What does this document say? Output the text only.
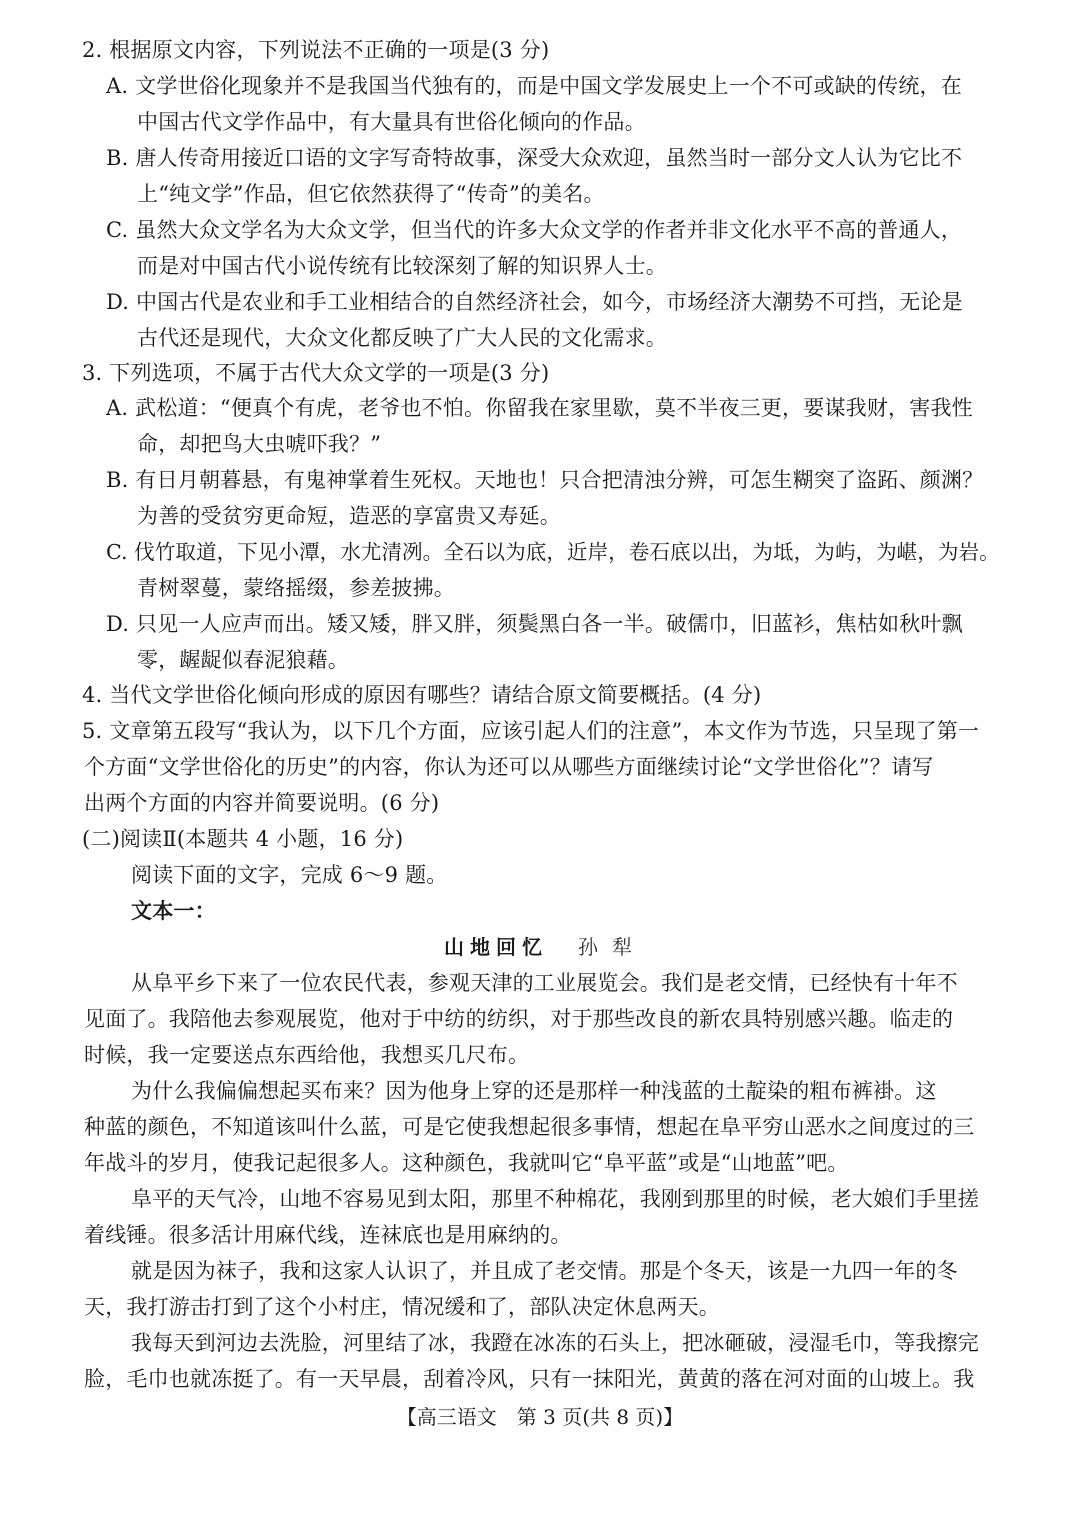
2. 根据原文内容，下列说法不正确的一项是(3 分)
A. 文学世俗化现象并不是我国当代独有的，而是中国文学发展史上一个不可或缺的传统，在
中国古代文学作品中，有大量具有世俗化倾向的作品。
B. 唐人传奇用接近口语的文字写奇特故事，深受大众欢迎，虽然当时一部分文人认为它比不
上“纯文学”作品，但它依然获得了“传奇”的美名。
C. 虽然大众文学名为大众文学，但当代的许多大众文学的作者并非文化水平不高的普通人，
而是对中国古代小说传统有比较深刻了解的知识界人士。
D. 中国古代是农业和手工业相结合的自然经济社会，如今，市场经济大潮势不可挡，无论是
古代还是现代，大众文化都反映了广大人民的文化需求。
3. 下列选项，不属于古代大众文学的一项是(3 分)
A. 武松道：“便真个有虎，老爷也不怕。你留我在家里歇，莫不半夜三更，要谋我财，害我性
命，却把鸟大虫唬吓我？”
B. 有日月朝暮悬，有鬼神掌着生死权。天地也！只合把清浊分辨，可怎生糊突了盗跖、颜渊？
为善的受贫穷更命短，造恶的享富贵又寿延。
C. 伐竹取道，下见小潭，水尤清冽。全石以为底，近岸，卷石底以出，为坻，为屿，为嵁，为岩。
青树翠蔓，蒙络摇缀，参差披拂。
D. 只见一人应声而出。矮又矮，胖又胖，须鬓黑白各一半。破儒巾，旧蓝衫，焦枯如秋叶飘
零，龌龊似春泥狼藉。
4. 当代文学世俗化倾向形成的原因有哪些？请结合原文简要概括。(4 分)
5. 文章第五段写“我认为，以下几个方面，应该引起人们的注意”，本文作为节选，只呈现了第一
个方面“文学世俗化的历史”的内容，你认为还可以从哪些方面继续讨论“文学世俗化”？请写
出两个方面的内容并简要说明。(6 分)
(二)阅读Ⅱ(本题共 4 小题，16 分)
阅读下面的文字，完成 6～9 题。
文本一：
山地回忆 孙犁
从阜平乡下来了一位农民代表，参观天津的工业展览会。我们是老交情，已经快有十年不
见面了。我陪他去参观展览，他对于中纺的纺织，对于那些改良的新农具特别感兴趣。临走的
时候，我一定要送点东西给他，我想买几尺布。
为什么我偏偏想起买布来？因为他身上穿的还是那样一种浅蓝的土靛染的粗布裤褂。这
种蓝的颜色，不知道该叫什么蓝，可是它使我想起很多事情，想起在阜平穷山恶水之间度过的三
年战斗的岁月，使我记起很多人。这种颜色，我就叫它“阜平蓝”或是“山地蓝”吧。
阜平的天气冷，山地不容易见到太阳，那里不种棉花，我刚到那里的时候，老大娘们手里搓
着线锤。很多活计用麻代线，连袜底也是用麻纳的。
就是因为袜子，我和这家人认识了，并且成了老交情。那是个冬天，该是一九四一年的冬
天，我打游击打到了这个小村庄，情况缓和了，部队决定休息两天。
我每天到河边去洗脸，河里结了冰，我蹬在冰冻的石头上，把冰砸破，浸湿毛巾，等我擦完
脸，毛巾也就冻挺了。有一天早晨，刮着冷风，只有一抹阳光，黄黄的落在河对面的山坡上。我
【高三语文　第 3 页(共 8 页)】
